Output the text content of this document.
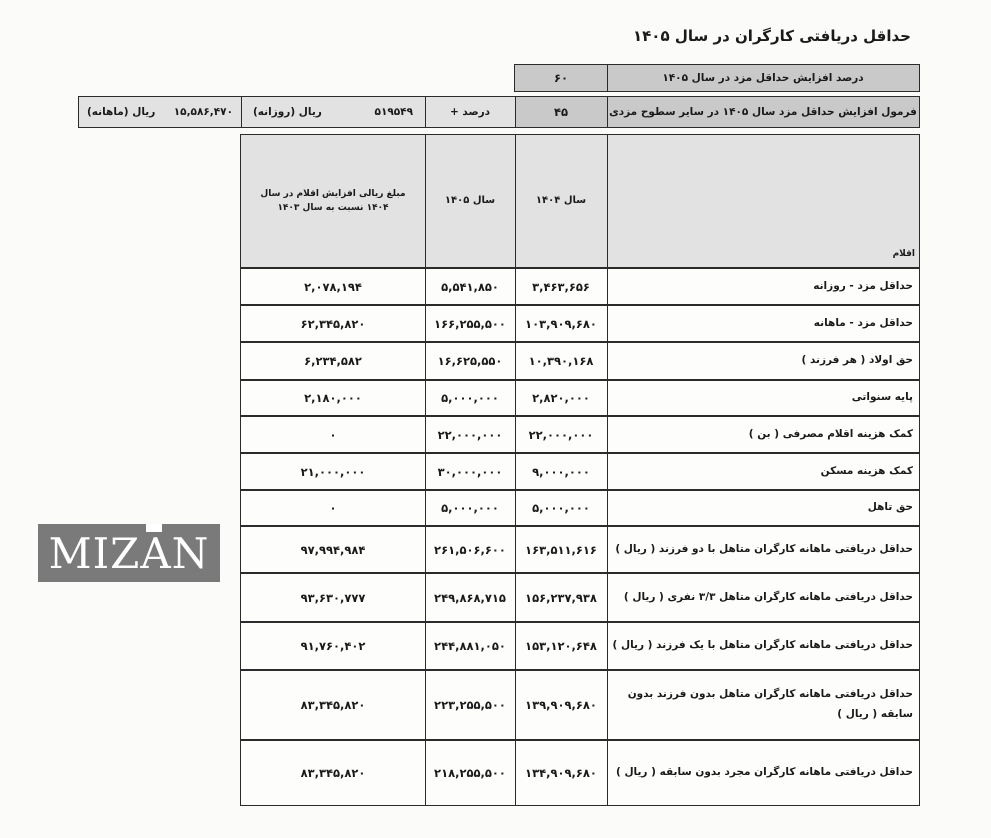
حداقل دریافتی کارگران در سال ۱۴۰۵
درصد افزایش حداقل مزد در سال ۱۴۰۵
۶۰
فرمول افزایش حداقل مزد سال ۱۴۰۵ در سایر سطوح مزدی
۴۵
درصد +
۵۱۹۵۴۹
ریال (روزانه)
۱۵,۵۸۶,۴۷۰
ریال (ماهانه)
اقلام
سال ۱۴۰۴
سال ۱۴۰۵
مبلغ ریالی افزایش اقلام در سال ۱۴۰۴ نسبت به سال ۱۴۰۳
حداقل مزد - روزانه
۳,۴۶۳,۶۵۶
۵,۵۴۱,۸۵۰
۲,۰۷۸,۱۹۴
حداقل مزد - ماهانه
۱۰۳,۹۰۹,۶۸۰
۱۶۶,۲۵۵,۵۰۰
۶۲,۳۴۵,۸۲۰
حق اولاد ( هر فرزند )
۱۰,۳۹۰,۱۶۸
۱۶,۶۲۵,۵۵۰
۶,۲۳۴,۵۸۲
پایه سنواتی
۲,۸۲۰,۰۰۰
۵,۰۰۰,۰۰۰
۲,۱۸۰,۰۰۰
کمک هزینه اقلام مصرفی ( بن )
۲۲,۰۰۰,۰۰۰
۲۲,۰۰۰,۰۰۰
۰
کمک هزینه مسکن
۹,۰۰۰,۰۰۰
۳۰,۰۰۰,۰۰۰
۲۱,۰۰۰,۰۰۰
حق تاهل
۵,۰۰۰,۰۰۰
۵,۰۰۰,۰۰۰
۰
حداقل دریافتی ماهانه کارگران متاهل با دو فرزند ( ریال )
۱۶۳,۵۱۱,۶۱۶
۲۶۱,۵۰۶,۶۰۰
۹۷,۹۹۴,۹۸۴
حداقل دریافتی ماهانه کارگران متاهل ۳/۳ نفری ( ریال )
۱۵۶,۲۳۷,۹۳۸
۲۴۹,۸۶۸,۷۱۵
۹۳,۶۳۰,۷۷۷
حداقل دریافتی ماهانه کارگران متاهل با یک فرزند ( ریال )
۱۵۳,۱۲۰,۶۴۸
۲۴۴,۸۸۱,۰۵۰
۹۱,۷۶۰,۴۰۲
حداقل دریافتی ماهانه کارگران متاهل بدون فرزند بدون سابقه ( ریال )
۱۳۹,۹۰۹,۶۸۰
۲۲۳,۲۵۵,۵۰۰
۸۳,۳۴۵,۸۲۰
حداقل دریافتی ماهانه کارگران مجرد بدون سابقه ( ریال )
۱۳۴,۹۰۹,۶۸۰
۲۱۸,۲۵۵,۵۰۰
۸۳,۳۴۵,۸۲۰
MIZAN
